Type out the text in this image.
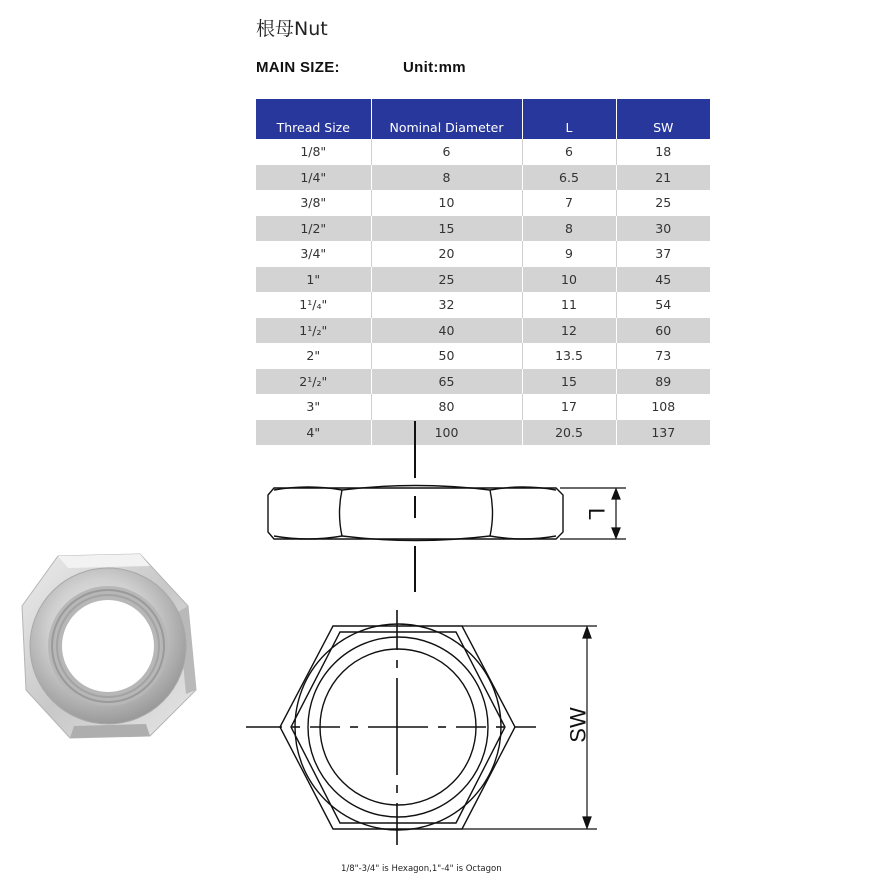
根母Nut
MAIN SIZE:	Unit:mm
Thread Size	Nominal Diameter	L	SW
1/8"	6	6	18
1/4"	8	6.5	21
3/8"	10	7	25
1/2"	15	8	30
3/4"	20	9	37
1"	25	10	45
1¹/₄"	32	11	54
1¹/₂"	40	12	60
2"	50	13.5	73
2¹/₂"	65	15	89
3"	80	17	108
4"	100	20.5	137
L
SW
1/8"-3/4" is Hexagon,1"-4" is Octagon
